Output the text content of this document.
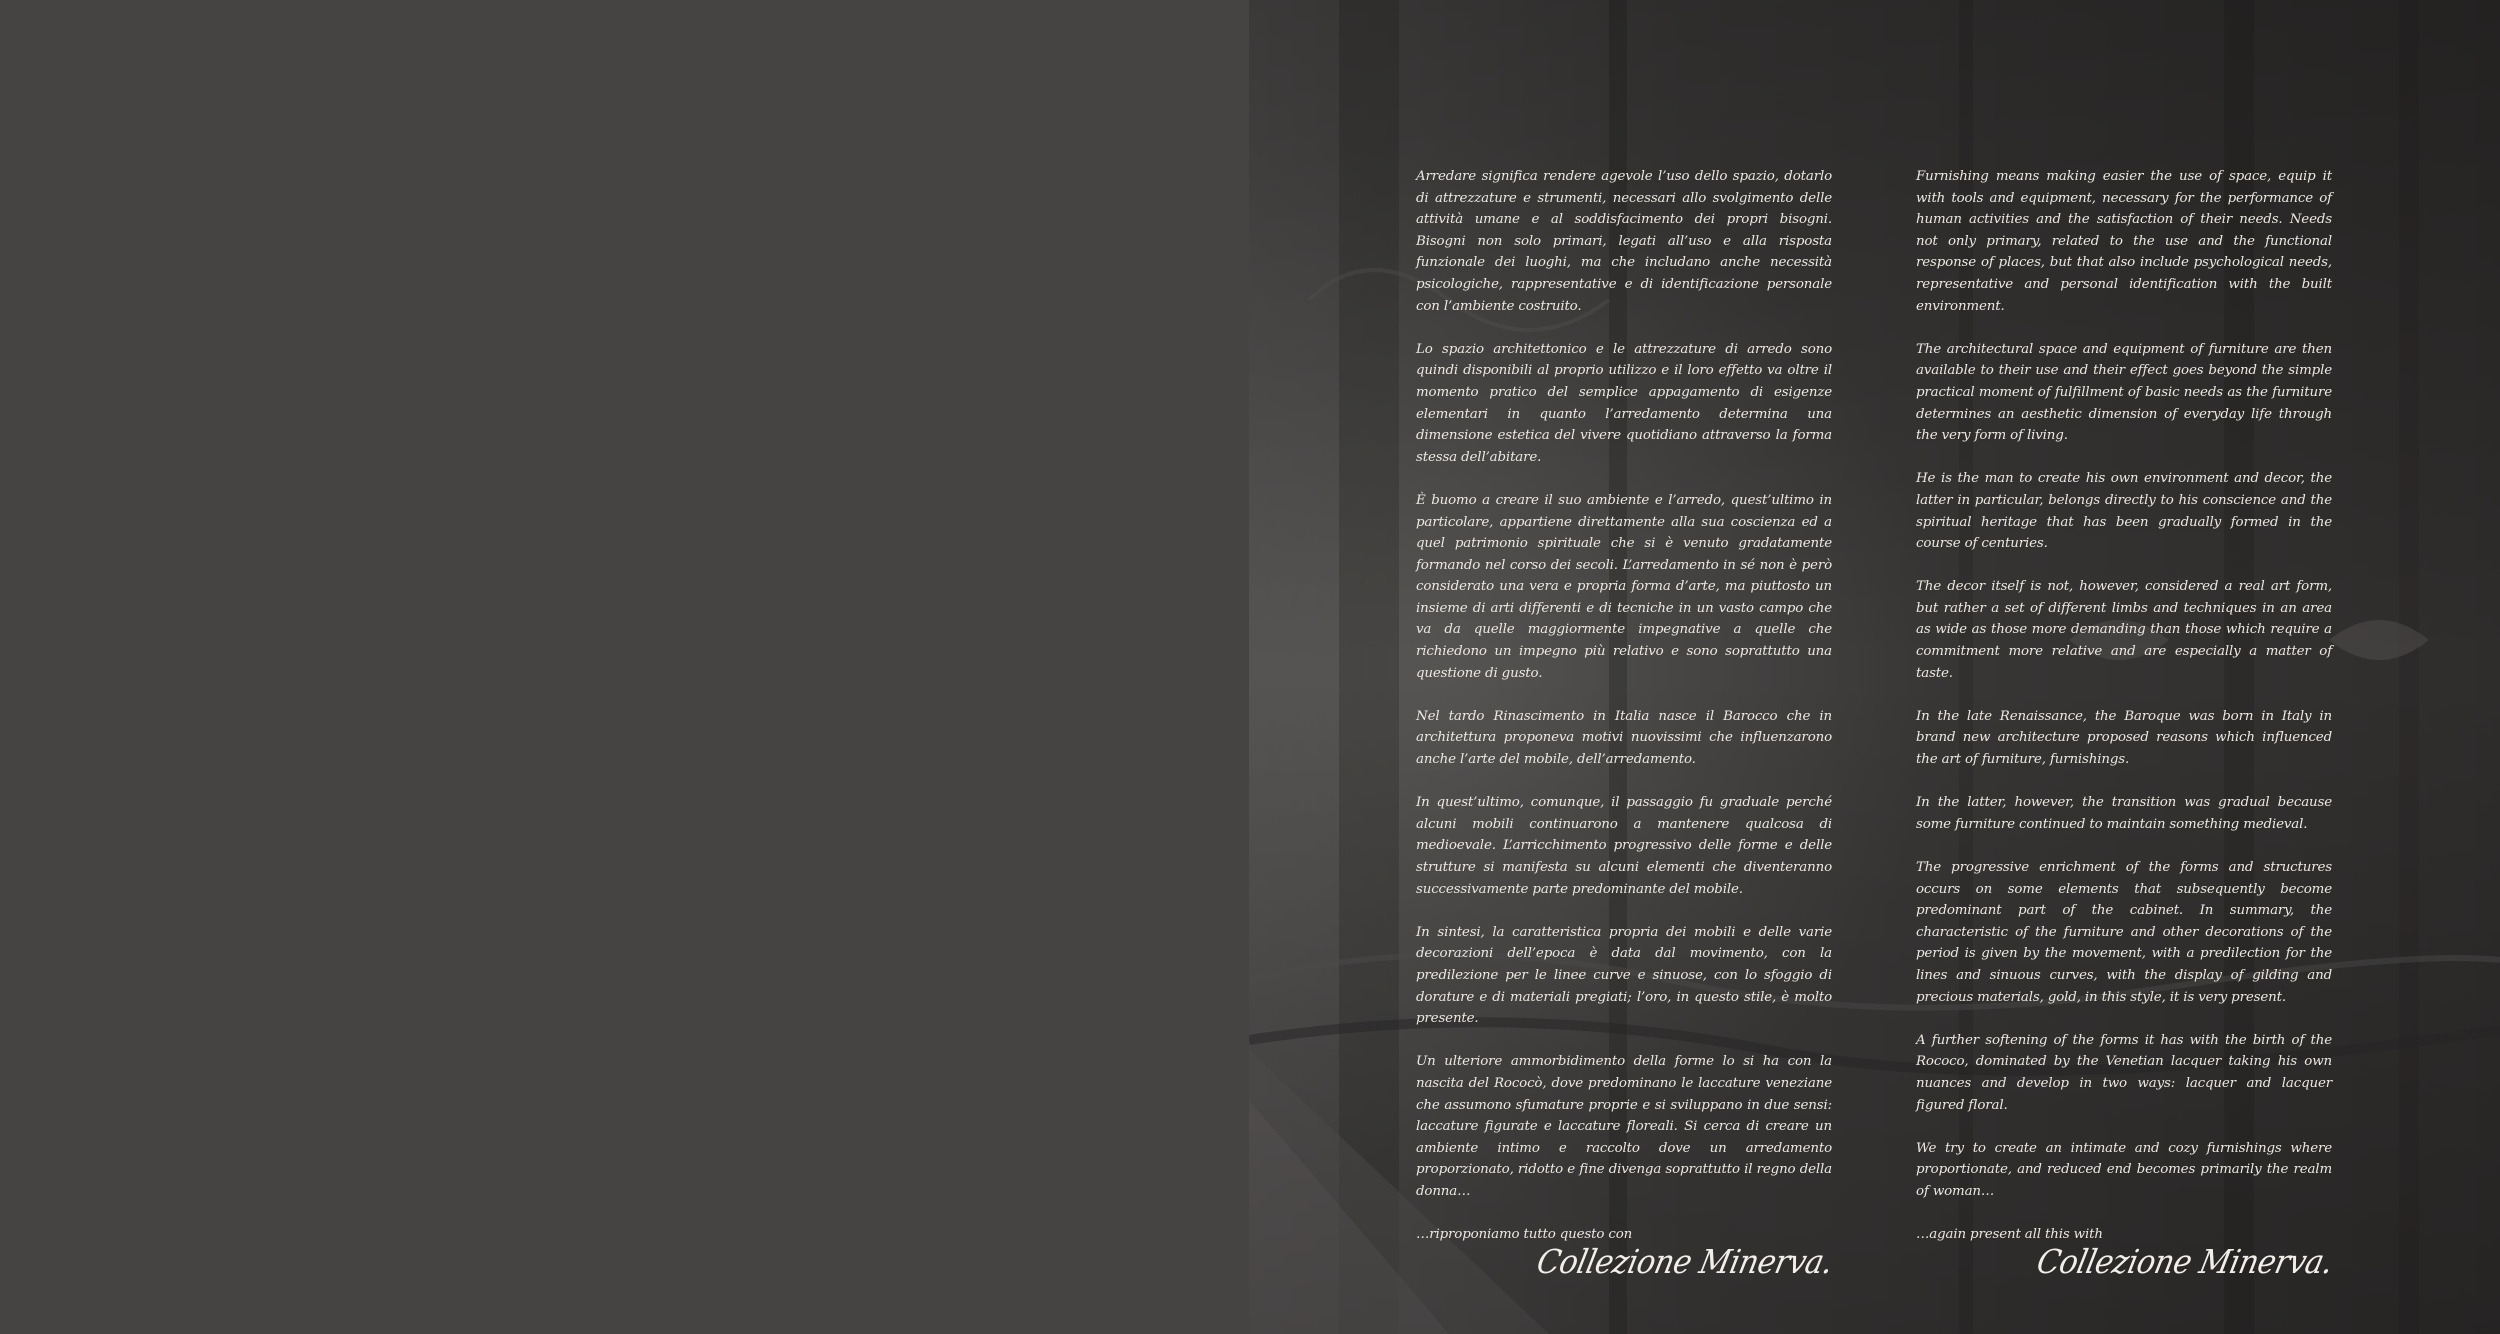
Arredare significa rendere agevole l’uso dello spazio, dotarlo di attrezzature e strumenti, necessari allo svolgimento delle attività umane e al soddisfacimento dei propri bisogni. Bisogni non solo primari, legati all’uso e alla risposta funzionale dei luoghi, ma che includano anche necessità psicologiche, rappresentative e di identificazione personale con l’ambiente costruito.

Lo spazio architettonico e le attrezzature di arredo sono quindi disponibili al proprio utilizzo e il loro effetto va oltre il momento pratico del semplice appagamento di esigenze elementari in quanto l’arredamento determina una dimensione estetica del vivere quotidiano attraverso la forma stessa dell’abitare.

È buomo a creare il suo ambiente e l’arredo, quest’ultimo in particolare, appartiene direttamente alla sua coscienza ed a quel patrimonio spirituale che si è venuto gradatamente formando nel corso dei secoli. L’arredamento in sé non è però considerato una vera e propria forma d’arte, ma piuttosto un insieme di arti differenti e di tecniche in un vasto campo che va da quelle maggiormente impegnative a quelle che richiedono un impegno più relativo e sono soprattutto una questione di gusto.

Nel tardo Rinascimento in Italia nasce il Barocco che in architettura proponeva motivi nuovissimi che influenzarono anche l’arte del mobile, dell’arredamento.

In quest’ultimo, comunque, il passaggio fu graduale perché alcuni mobili continuarono a mantenere qualcosa di medioevale. L’arricchimento progressivo delle forme e delle strutture si manifesta su alcuni elementi che diventeranno successivamente parte predominante del mobile.

In sintesi, la caratteristica propria dei mobili e delle varie decorazioni dell’epoca è data dal movimento, con la predilezione per le linee curve e sinuose, con lo sfoggio di dorature e di materiali pregiati; l’oro, in questo stile, è molto presente.

Un ulteriore ammorbidimento della forme lo si ha con la nascita del Rococò, dove predominano le laccature veneziane che assumono sfumature proprie e si sviluppano in due sensi: laccature figurate e laccature floreali. Si cerca di creare un ambiente intimo e raccolto dove un arredamento proporzionato, ridotto e fine divenga soprattutto il regno della donna…

…riproponiamo tutto questo con

Collezione Minerva.

Furnishing means making easier the use of space, equip it with tools and equipment, necessary for the performance of human activities and the satisfaction of their needs. Needs not only primary, related to the use and the functional response of places, but that also include psychological needs, representative and personal identification with the built environment.

The architectural space and equipment of furniture are then available to their use and their effect goes beyond the simple practical moment of fulfillment of basic needs as the furniture determines an aesthetic dimension of everyday life through the very form of living.

He is the man to create his own environment and decor, the latter in particular, belongs directly to his conscience and the spiritual heritage that has been gradually formed in the course of centuries.

The decor itself is not, however, considered a real art form, but rather a set of different limbs and techniques in an area as wide as those more demanding than those which require a commitment more relative and are especially a matter of taste.

In the late Renaissance, the Baroque was born in Italy in brand new architecture proposed reasons which influenced the art of furniture, furnishings.

In the latter, however, the transition was gradual because some furniture continued to maintain something medieval.

The progressive enrichment of the forms and structures occurs on some elements that subsequently become predominant part of the cabinet. In summary, the characteristic of the furniture and other decorations of the period is given by the movement, with a predilection for the lines and sinuous curves, with the display of gilding and precious materials, gold, in this style, it is very present.

A further softening of the forms it has with the birth of the Rococo, dominated by the Venetian lacquer taking his own nuances and develop in two ways: lacquer and lacquer figured floral.

We try to create an intimate and cozy furnishings where proportionate, and reduced end becomes primarily the realm of woman…

…again present all this with

Collezione Minerva.
